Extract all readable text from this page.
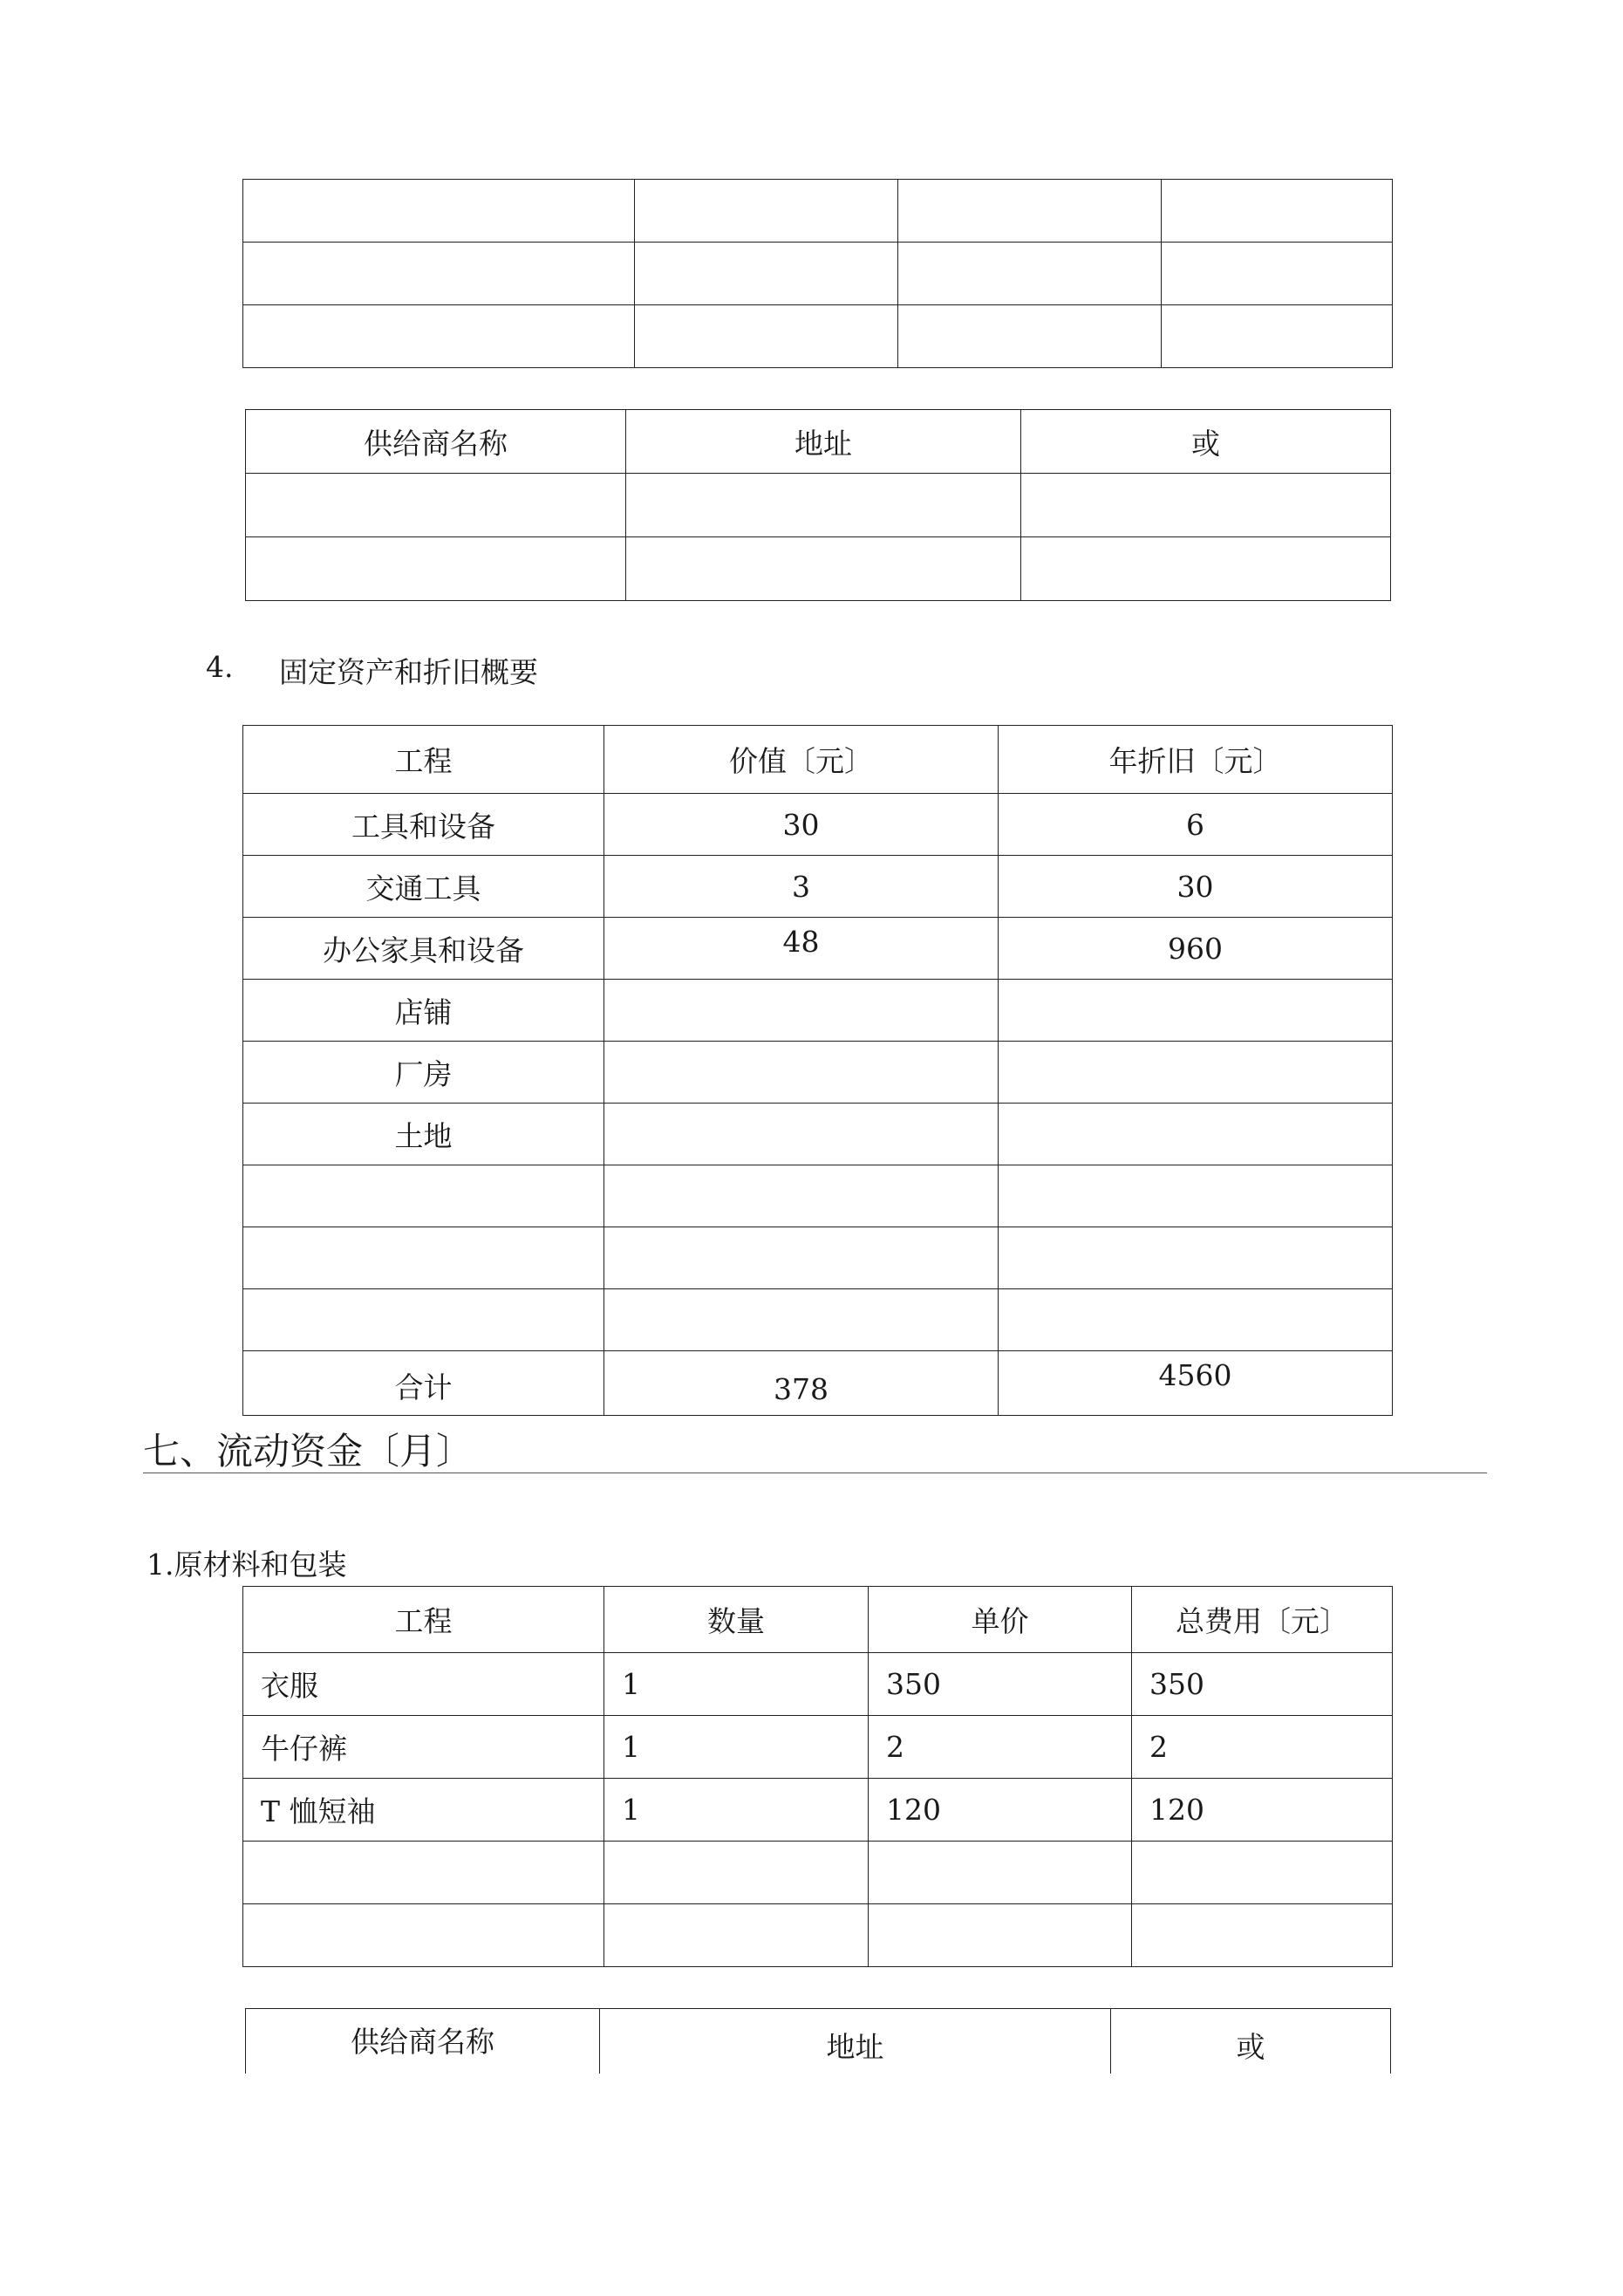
供给商名称	地址	或

4. 固定资产和折旧概要
工程	价值〔元〕	年折旧〔元〕
工具和设备	30	6
交通工具	3	30
办公家具和设备	48	960
店铺		
厂房		
土地		

合计	378	4560
七、流动资金〔月〕
1.原材料和包装
工程	数量	单价	总费用〔元〕
衣服	1	350	350
牛仔裤	1	2	2
T 恤短袖	1	120	120

供给商名称	地址	或
